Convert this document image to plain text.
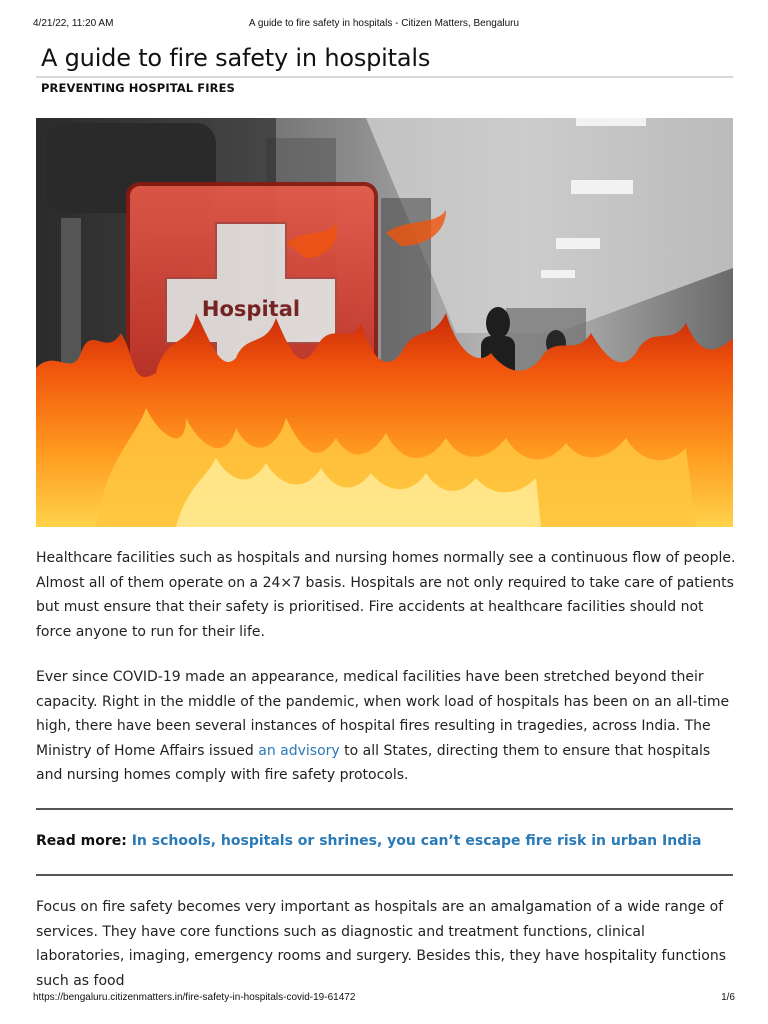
4/21/22, 11:20 AM	A guide to fire safety in hospitals - Citizen Matters, Bengaluru
A guide to fire safety in hospitals
PREVENTING HOSPITAL FIRES
Hospital

Healthcare facilities such as hospitals and nursing homes normally see a continuous flow of people. Almost all of them operate on a 24×7 basis. Hospitals are not only required to take care of patients but must ensure that their safety is prioritised. Fire accidents at healthcare facilities should not force anyone to run for their life.

Ever since COVID-19 made an appearance, medical facilities have been stretched beyond their capacity. Right in the middle of the pandemic, when work load of hospitals has been on an all-time high, there have been several instances of hospital fires resulting in tragedies, across India. The Ministry of Home Affairs issued an advisory to all States, directing them to ensure that hospitals and nursing homes comply with fire safety protocols.

Read more: In schools, hospitals or shrines, you can’t escape fire risk in urban India

Focus on fire safety becomes very important as hospitals are an amalgamation of a wide range of services. They have core functions such as diagnostic and treatment functions, clinical laboratories, imaging, emergency rooms and surgery. Besides this, they have hospitality functions such as food

https://bengaluru.citizenmatters.in/fire-safety-in-hospitals-covid-19-61472	1/6
